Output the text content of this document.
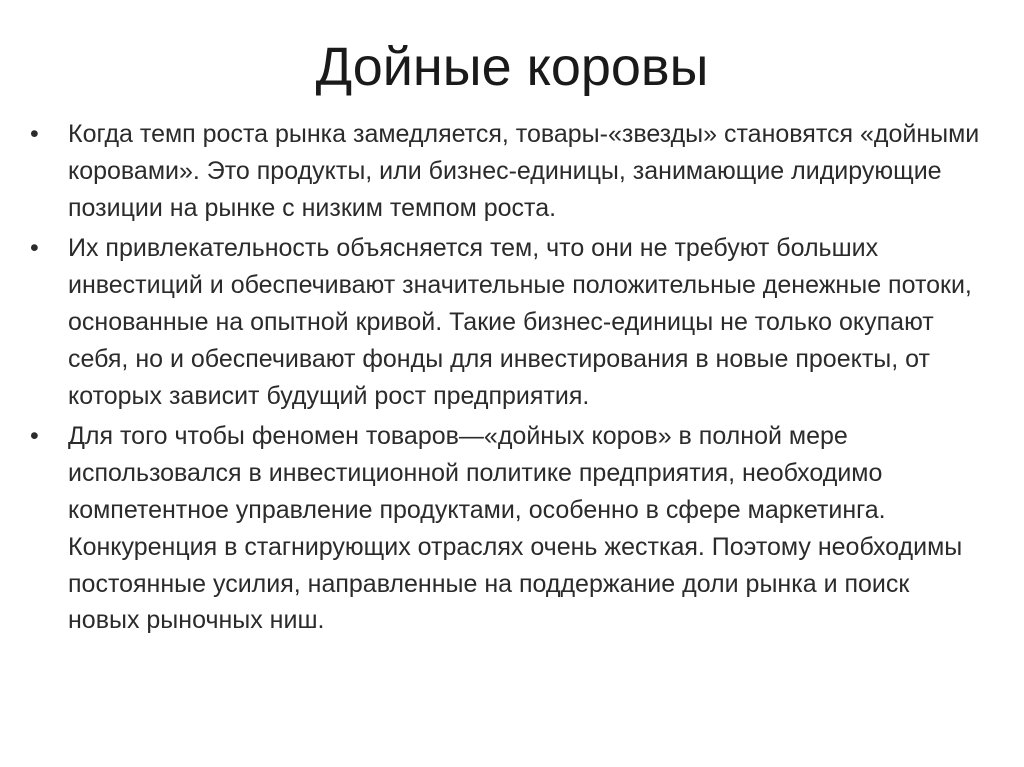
Дойные коровы
•	Когда темп роста рынка замедляется, товары-«звезды» становятся «дойными коровами». Это продукты, или бизнес-единицы, занимающие лидирующие позиции на рынке с низким темпом роста.
•	Их привлекательность объясняется тем, что они не требуют больших инвестиций и обеспечивают значительные положительные денежные потоки, основанные на опытной кривой. Такие бизнес-единицы не только окупают себя, но и обеспечивают фонды для инвестирования в новые проекты, от которых зависит будущий рост предприятия.
•	Для того чтобы феномен товаров—«дойных коров» в полной мере использовался в инвестиционной политике предприятия, необходимо компетентное управление продуктами, особенно в сфере маркетинга. Конкуренция в стагнирующих отраслях очень жесткая. Поэтому необходимы постоянные усилия, направленные на поддержание доли рынка и поиск новых рыночных ниш.
